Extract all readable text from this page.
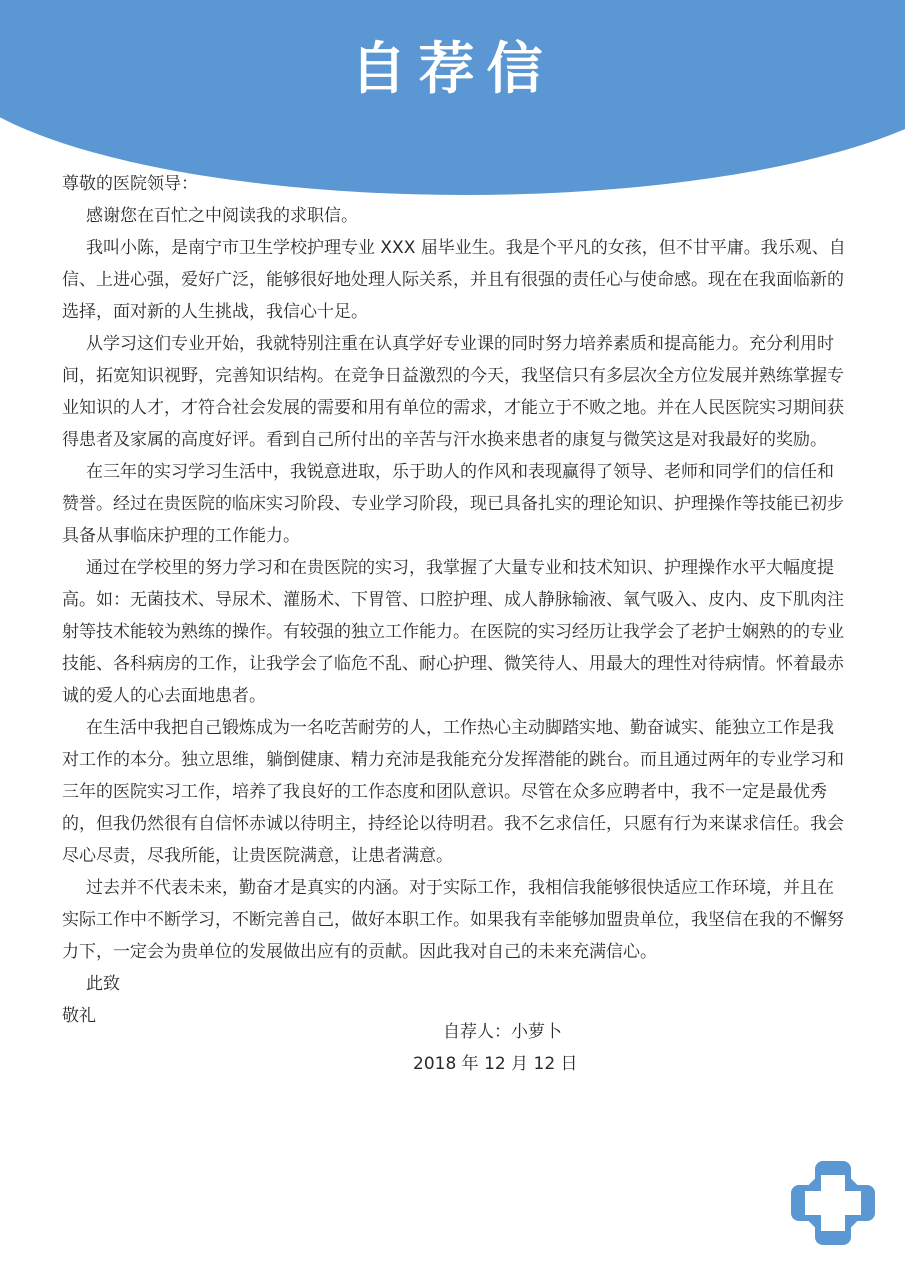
自荐信

尊敬的医院领导：

感谢您在百忙之中阅读我的求职信。

我叫小陈，是南宁市卫生学校护理专业 XXX 届毕业生。我是个平凡的女孩，但不甘平庸。我乐观、自信、上进心强，爱好广泛，能够很好地处理人际关系，并且有很强的责任心与使命感。现在在我面临新的选择，面对新的人生挑战，我信心十足。

从学习这们专业开始，我就特别注重在认真学好专业课的同时努力培养素质和提高能力。充分利用时间，拓宽知识视野，完善知识结构。在竞争日益激烈的今天，我坚信只有多层次全方位发展并熟练掌握专业知识的人才，才符合社会发展的需要和用有单位的需求，才能立于不败之地。并在人民医院实习期间获得患者及家属的高度好评。看到自己所付出的辛苦与汗水换来患者的康复与微笑这是对我最好的奖励。

在三年的实习学习生活中，我锐意进取，乐于助人的作风和表现赢得了领导、老师和同学们的信任和赞誉。经过在贵医院的临床实习阶段、专业学习阶段，现已具备扎实的理论知识、护理操作等技能已初步具备从事临床护理的工作能力。

通过在学校里的努力学习和在贵医院的实习，我掌握了大量专业和技术知识、护理操作水平大幅度提高。如：无菌技术、导尿术、灌肠术、下胃管、口腔护理、成人静脉输液、氧气吸入、皮内、皮下肌肉注射等技术能较为熟练的操作。有较强的独立工作能力。在医院的实习经历让我学会了老护士娴熟的的专业技能、各科病房的工作，让我学会了临危不乱、耐心护理、微笑待人、用最大的理性对待病情。怀着最赤诚的爱人的心去面地患者。

在生活中我把自己锻炼成为一名吃苦耐劳的人，工作热心主动脚踏实地、勤奋诚实、能独立工作是我对工作的本分。独立思维，躺倒健康、精力充沛是我能充分发挥潜能的跳台。而且通过两年的专业学习和三年的医院实习工作，培养了我良好的工作态度和团队意识。尽管在众多应聘者中，我不一定是最优秀的，但我仍然很有自信怀赤诚以待明主，持经论以待明君。我不乞求信任，只愿有行为来谋求信任。我会尽心尽责，尽我所能，让贵医院满意，让患者满意。

过去并不代表未来，勤奋才是真实的内涵。对于实际工作，我相信我能够很快适应工作环境，并且在实际工作中不断学习，不断完善自己，做好本职工作。如果我有幸能够加盟贵单位，我坚信在我的不懈努力下，一定会为贵单位的发展做出应有的贡献。因此我对自己的未来充满信心。

此致

敬礼

自荐人：小萝卜
2018 年 12 月 12 日
